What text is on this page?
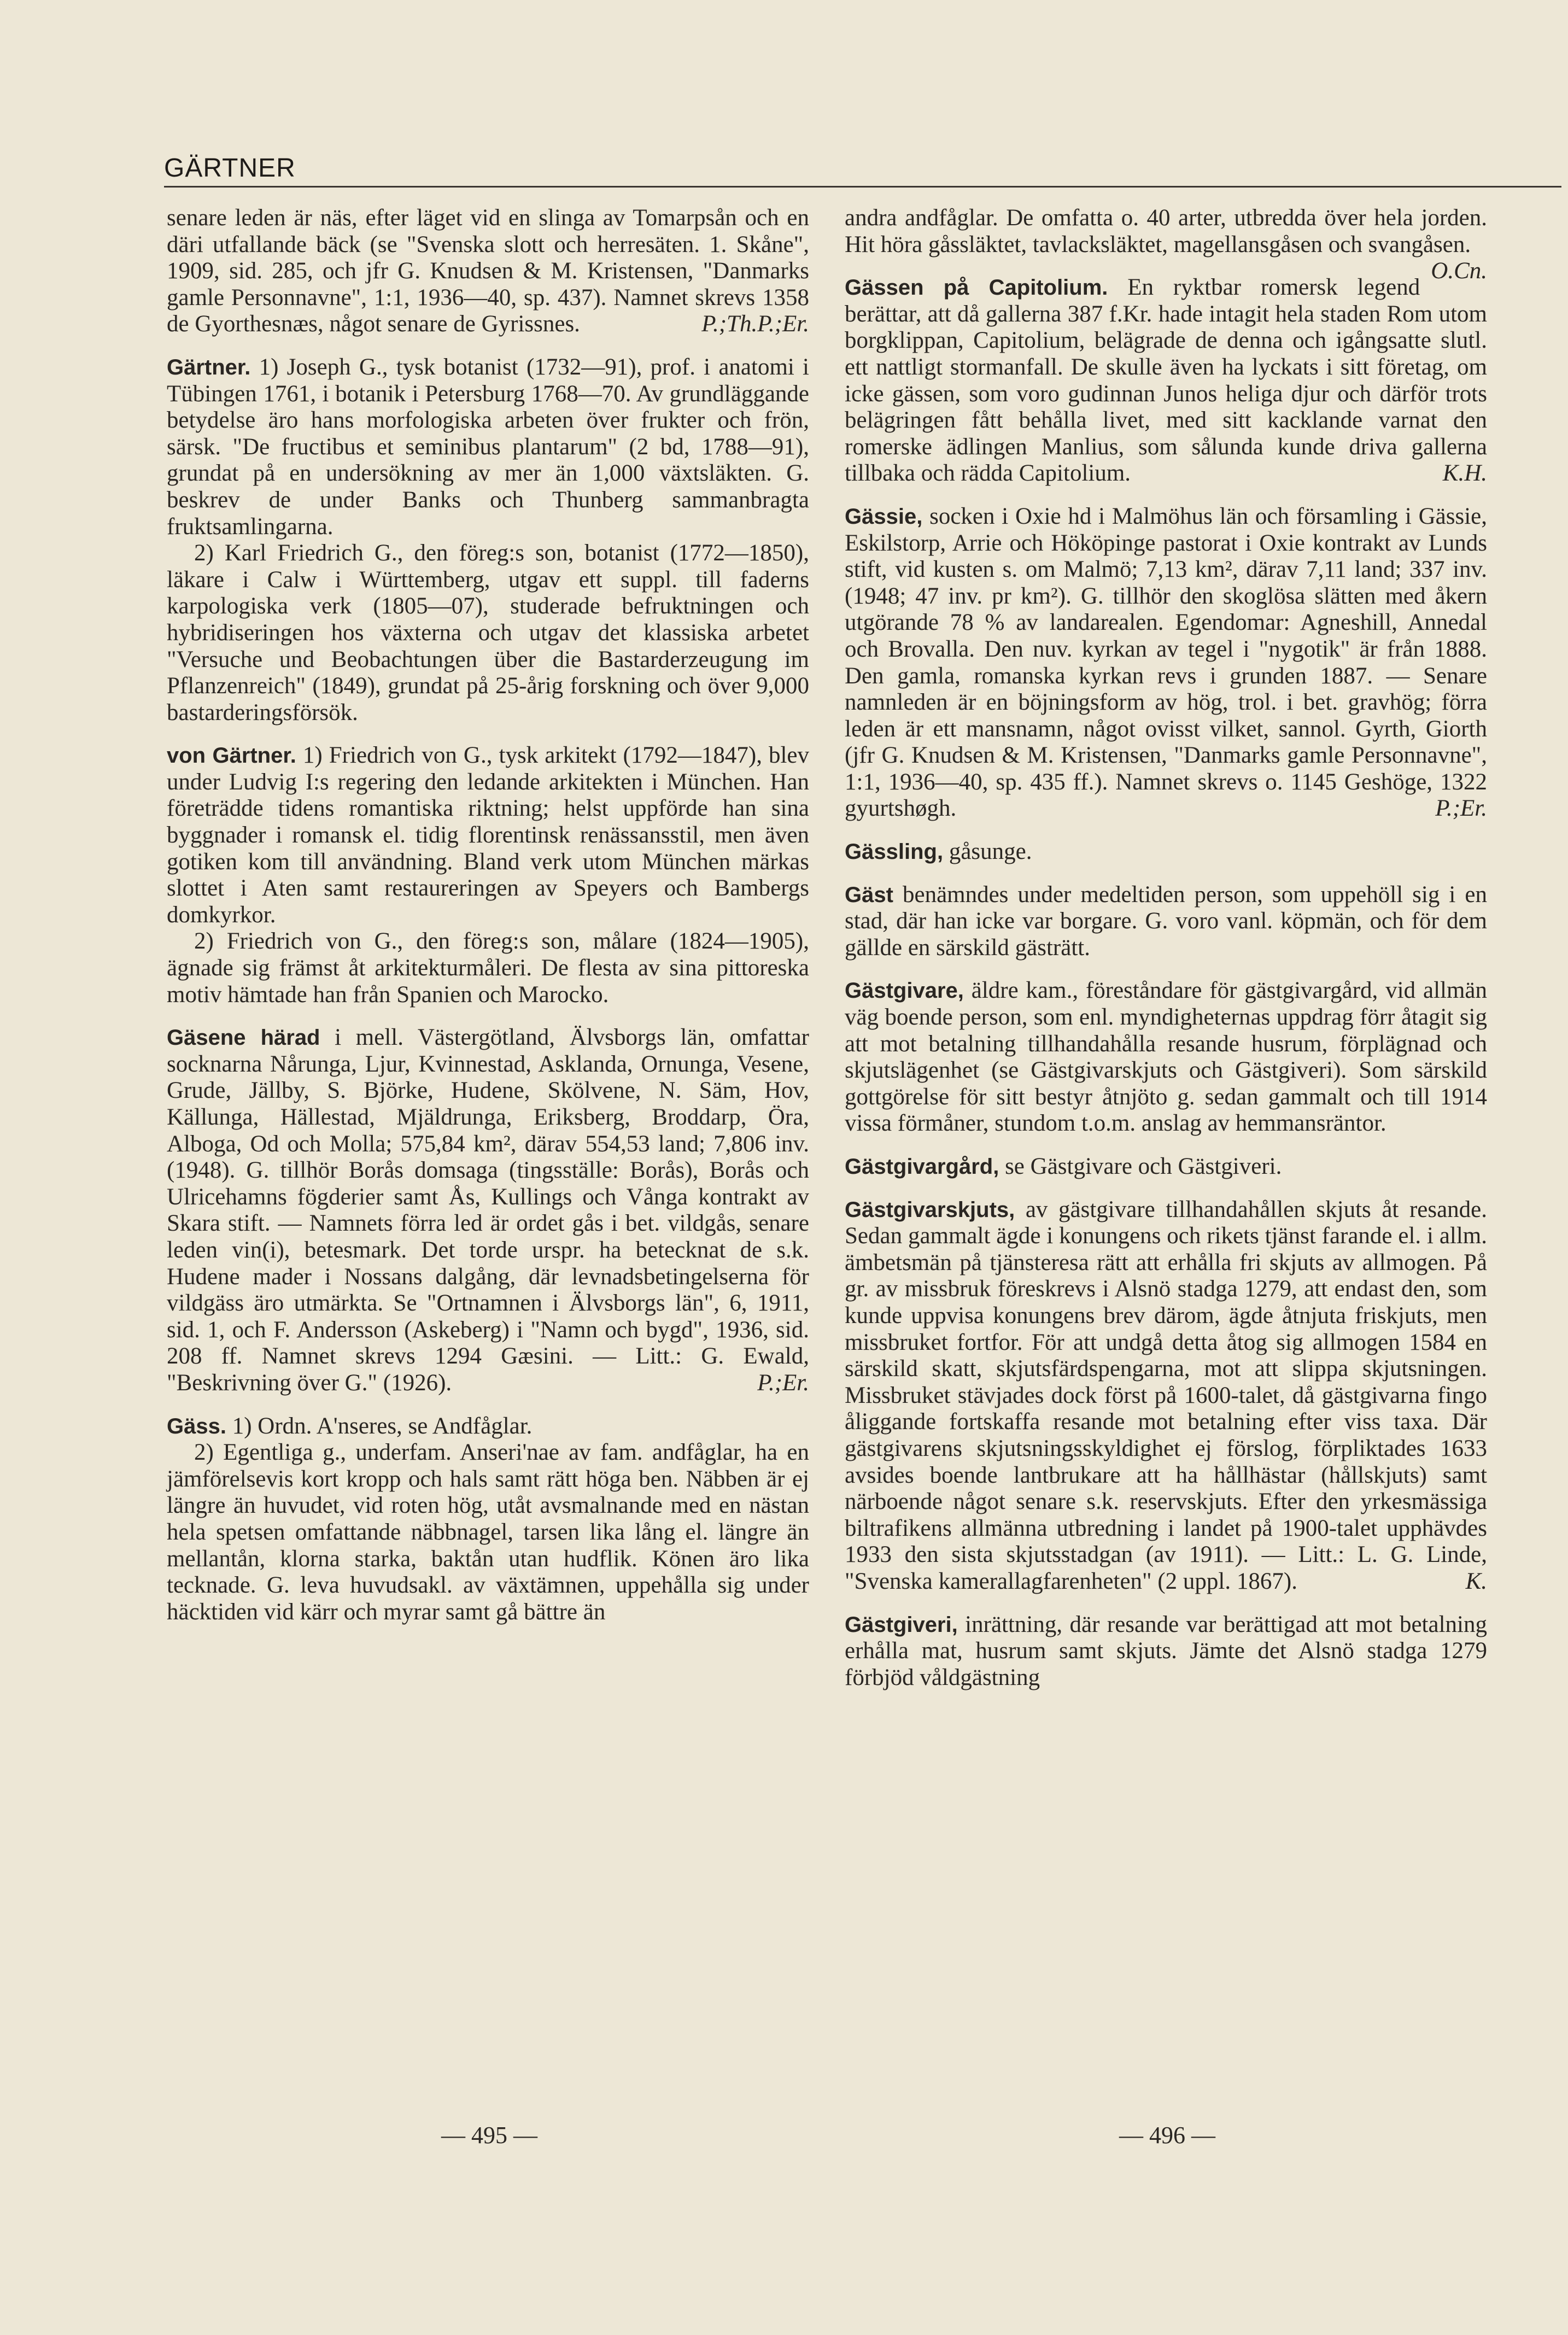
GÄRTNER

senare leden är näs, efter läget vid en slinga av Tomarpsån och en däri utfallande bäck (se "Svenska slott och herresäten. 1. Skåne", 1909, sid. 285, och jfr G. Knudsen & M. Kristensen, "Danmarks gamle Personnavne", 1:1, 1936—40, sp. 437). Namnet skrevs 1358 de Gyorthesnæs, något senare de Gyrissnes.	P.;Th.P.;Er.

Gärtner. 1) Joseph G., tysk botanist (1732—91), prof. i anatomi i Tübingen 1761, i botanik i Petersburg 1768—70. Av grundläggande betydelse äro hans morfologiska arbeten över frukter och frön, särsk. "De fructibus et seminibus plantarum" (2 bd, 1788—91), grundat på en undersökning av mer än 1,000 växtsläkten. G. beskrev de under Banks och Thunberg sammanbragta fruktsamlingarna.

2) Karl Friedrich G., den föreg:s son, botanist (1772—1850), läkare i Calw i Württemberg, utgav ett suppl. till faderns karpologiska verk (1805—07), studerade befruktningen och hybridiseringen hos växterna och utgav det klassiska arbetet "Versuche und Beobachtungen über die Bastarderzeugung im Pflanzenreich" (1849), grundat på 25-årig forskning och över 9,000 bastarderingsförsök.

von Gärtner. 1) Friedrich von G., tysk arkitekt (1792—1847), blev under Ludvig I:s regering den ledande arkitekten i München. Han företrädde tidens romantiska riktning; helst uppförde han sina byggnader i romansk el. tidig florentinsk renässansstil, men även gotiken kom till användning. Bland verk utom München märkas slottet i Aten samt restaureringen av Speyers och Bambergs domkyrkor.

2) Friedrich von G., den föreg:s son, målare (1824—1905), ägnade sig främst åt arkitekturmåleri. De flesta av sina pittoreska motiv hämtade han från Spanien och Marocko.

Gäsene härad i mell. Västergötland, Älvsborgs län, omfattar socknarna Nårunga, Ljur, Kvinnestad, Asklanda, Ornunga, Vesene, Grude, Jällby, S. Björke, Hudene, Skölvene, N. Säm, Hov, Källunga, Hällestad, Mjäldrunga, Eriksberg, Broddarp, Öra, Alboga, Od och Molla; 575,84 km², därav 554,53 land; 7,806 inv. (1948). G. tillhör Borås domsaga (tingsställe: Borås), Borås och Ulricehamns fögderier samt Ås, Kullings och Vånga kontrakt av Skara stift. — Namnets förra led är ordet gås i bet. vildgås, senare leden vin(i), betesmark. Det torde urspr. ha betecknat de s.k. Hudene mader i Nossans dalgång, där levnadsbetingelserna för vildgäss äro utmärkta. Se "Ortnamnen i Älvsborgs län", 6, 1911, sid. 1, och F. Andersson (Askeberg) i "Namn och bygd", 1936, sid. 208 ff. Namnet skrevs 1294 Gæsini. — Litt.: G. Ewald, "Beskrivning över G." (1926).	P.;Er.

Gäss. 1) Ordn. A'nseres, se Andfåglar.

2) Egentliga g., underfam. Anseri'nae av fam. andfåglar, ha en jämförelsevis kort kropp och hals samt rätt höga ben. Näbben är ej längre än huvudet, vid roten hög, utåt avsmalnande med en nästan hela spetsen omfattande näbbnagel, tarsen lika lång el. längre än mellantån, klorna starka, baktån utan hudflik. Könen äro lika tecknade. G. leva huvudsakl. av växtämnen, uppehålla sig under häcktiden vid kärr och myrar samt gå bättre än

andra andfåglar. De omfatta o. 40 arter, utbredda över hela jorden. Hit höra gåssläktet, tavlacksläktet, magellansgåsen och svangåsen.
O.Cn.

Gässen på Capitolium. En ryktbar romersk legend berättar, att då gallerna 387 f.Kr. hade intagit hela staden Rom utom borgklippan, Capitolium, belägrade de denna och igångsatte slutl. ett nattligt stormanfall. De skulle även ha lyckats i sitt företag, om icke gässen, som voro gudinnan Junos heliga djur och därför trots belägringen fått behålla livet, med sitt kacklande varnat den romerske ädlingen Manlius, som sålunda kunde driva gallerna tillbaka och rädda Capitolium.	K.H.

Gässie, socken i Oxie hd i Malmöhus län och församling i Gässie, Eskilstorp, Arrie och Hököpinge pastorat i Oxie kontrakt av Lunds stift, vid kusten s. om Malmö; 7,13 km², därav 7,11 land; 337 inv. (1948; 47 inv. pr km²). G. tillhör den skoglösa slätten med åkern utgörande 78 % av landarealen. Egendomar: Agneshill, Annedal och Brovalla. Den nuv. kyrkan av tegel i "nygotik" är från 1888. Den gamla, romanska kyrkan revs i grunden 1887. — Senare namnleden är en böjningsform av hög, trol. i bet. gravhög; förra leden är ett mansnamn, något ovisst vilket, sannol. Gyrth, Giorth (jfr G. Knudsen & M. Kristensen, "Danmarks gamle Personnavne", 1:1, 1936—40, sp. 435 ff.). Namnet skrevs o. 1145 Geshöge, 1322 gyurtshøgh.	P.;Er.

Gässling, gåsunge.

Gäst benämndes under medeltiden person, som uppehöll sig i en stad, där han icke var borgare. G. voro vanl. köpmän, och för dem gällde en särskild gästrätt.

Gästgivare, äldre kam., föreståndare för gästgivargård, vid allmän väg boende person, som enl. myndigheternas uppdrag förr åtagit sig att mot betalning tillhandahålla resande husrum, förplägnad och skjutslägenhet (se Gästgivarskjuts och Gästgiveri). Som särskild gottgörelse för sitt bestyr åtnjöto g. sedan gammalt och till 1914 vissa förmåner, stundom t.o.m. anslag av hemmansräntor.

Gästgivargård, se Gästgivare och Gästgiveri.

Gästgivarskjuts, av gästgivare tillhandahållen skjuts åt resande. Sedan gammalt ägde i konungens och rikets tjänst farande el. i allm. ämbetsmän på tjänsteresa rätt att erhålla fri skjuts av allmogen. På gr. av missbruk föreskrevs i Alsnö stadga 1279, att endast den, som kunde uppvisa konungens brev därom, ägde åtnjuta friskjuts, men missbruket fortfor. För att undgå detta åtog sig allmogen 1584 en särskild skatt, skjutsfärdspengarna, mot att slippa skjutsningen. Missbruket stävjades dock först på 1600-talet, då gästgivarna fingo åliggande fortskaffa resande mot betalning efter viss taxa. Där gästgivarens skjutsningsskyldighet ej förslog, förpliktades 1633 avsides boende lantbrukare att ha hållhästar (hållskjuts) samt närboende något senare s.k. reservskjuts. Efter den yrkesmässiga biltrafikens allmänna utbredning i landet på 1900-talet upphävdes 1933 den sista skjutsstadgan (av 1911). — Litt.: L. G. Linde, "Svenska kamerallagfarenheten" (2 uppl. 1867).	K.

Gästgiveri, inrättning, där resande var berättigad att mot betalning erhålla mat, husrum samt skjuts. Jämte det Alsnö stadga 1279 förbjöd våldgästning

— 495 —	— 496 —
